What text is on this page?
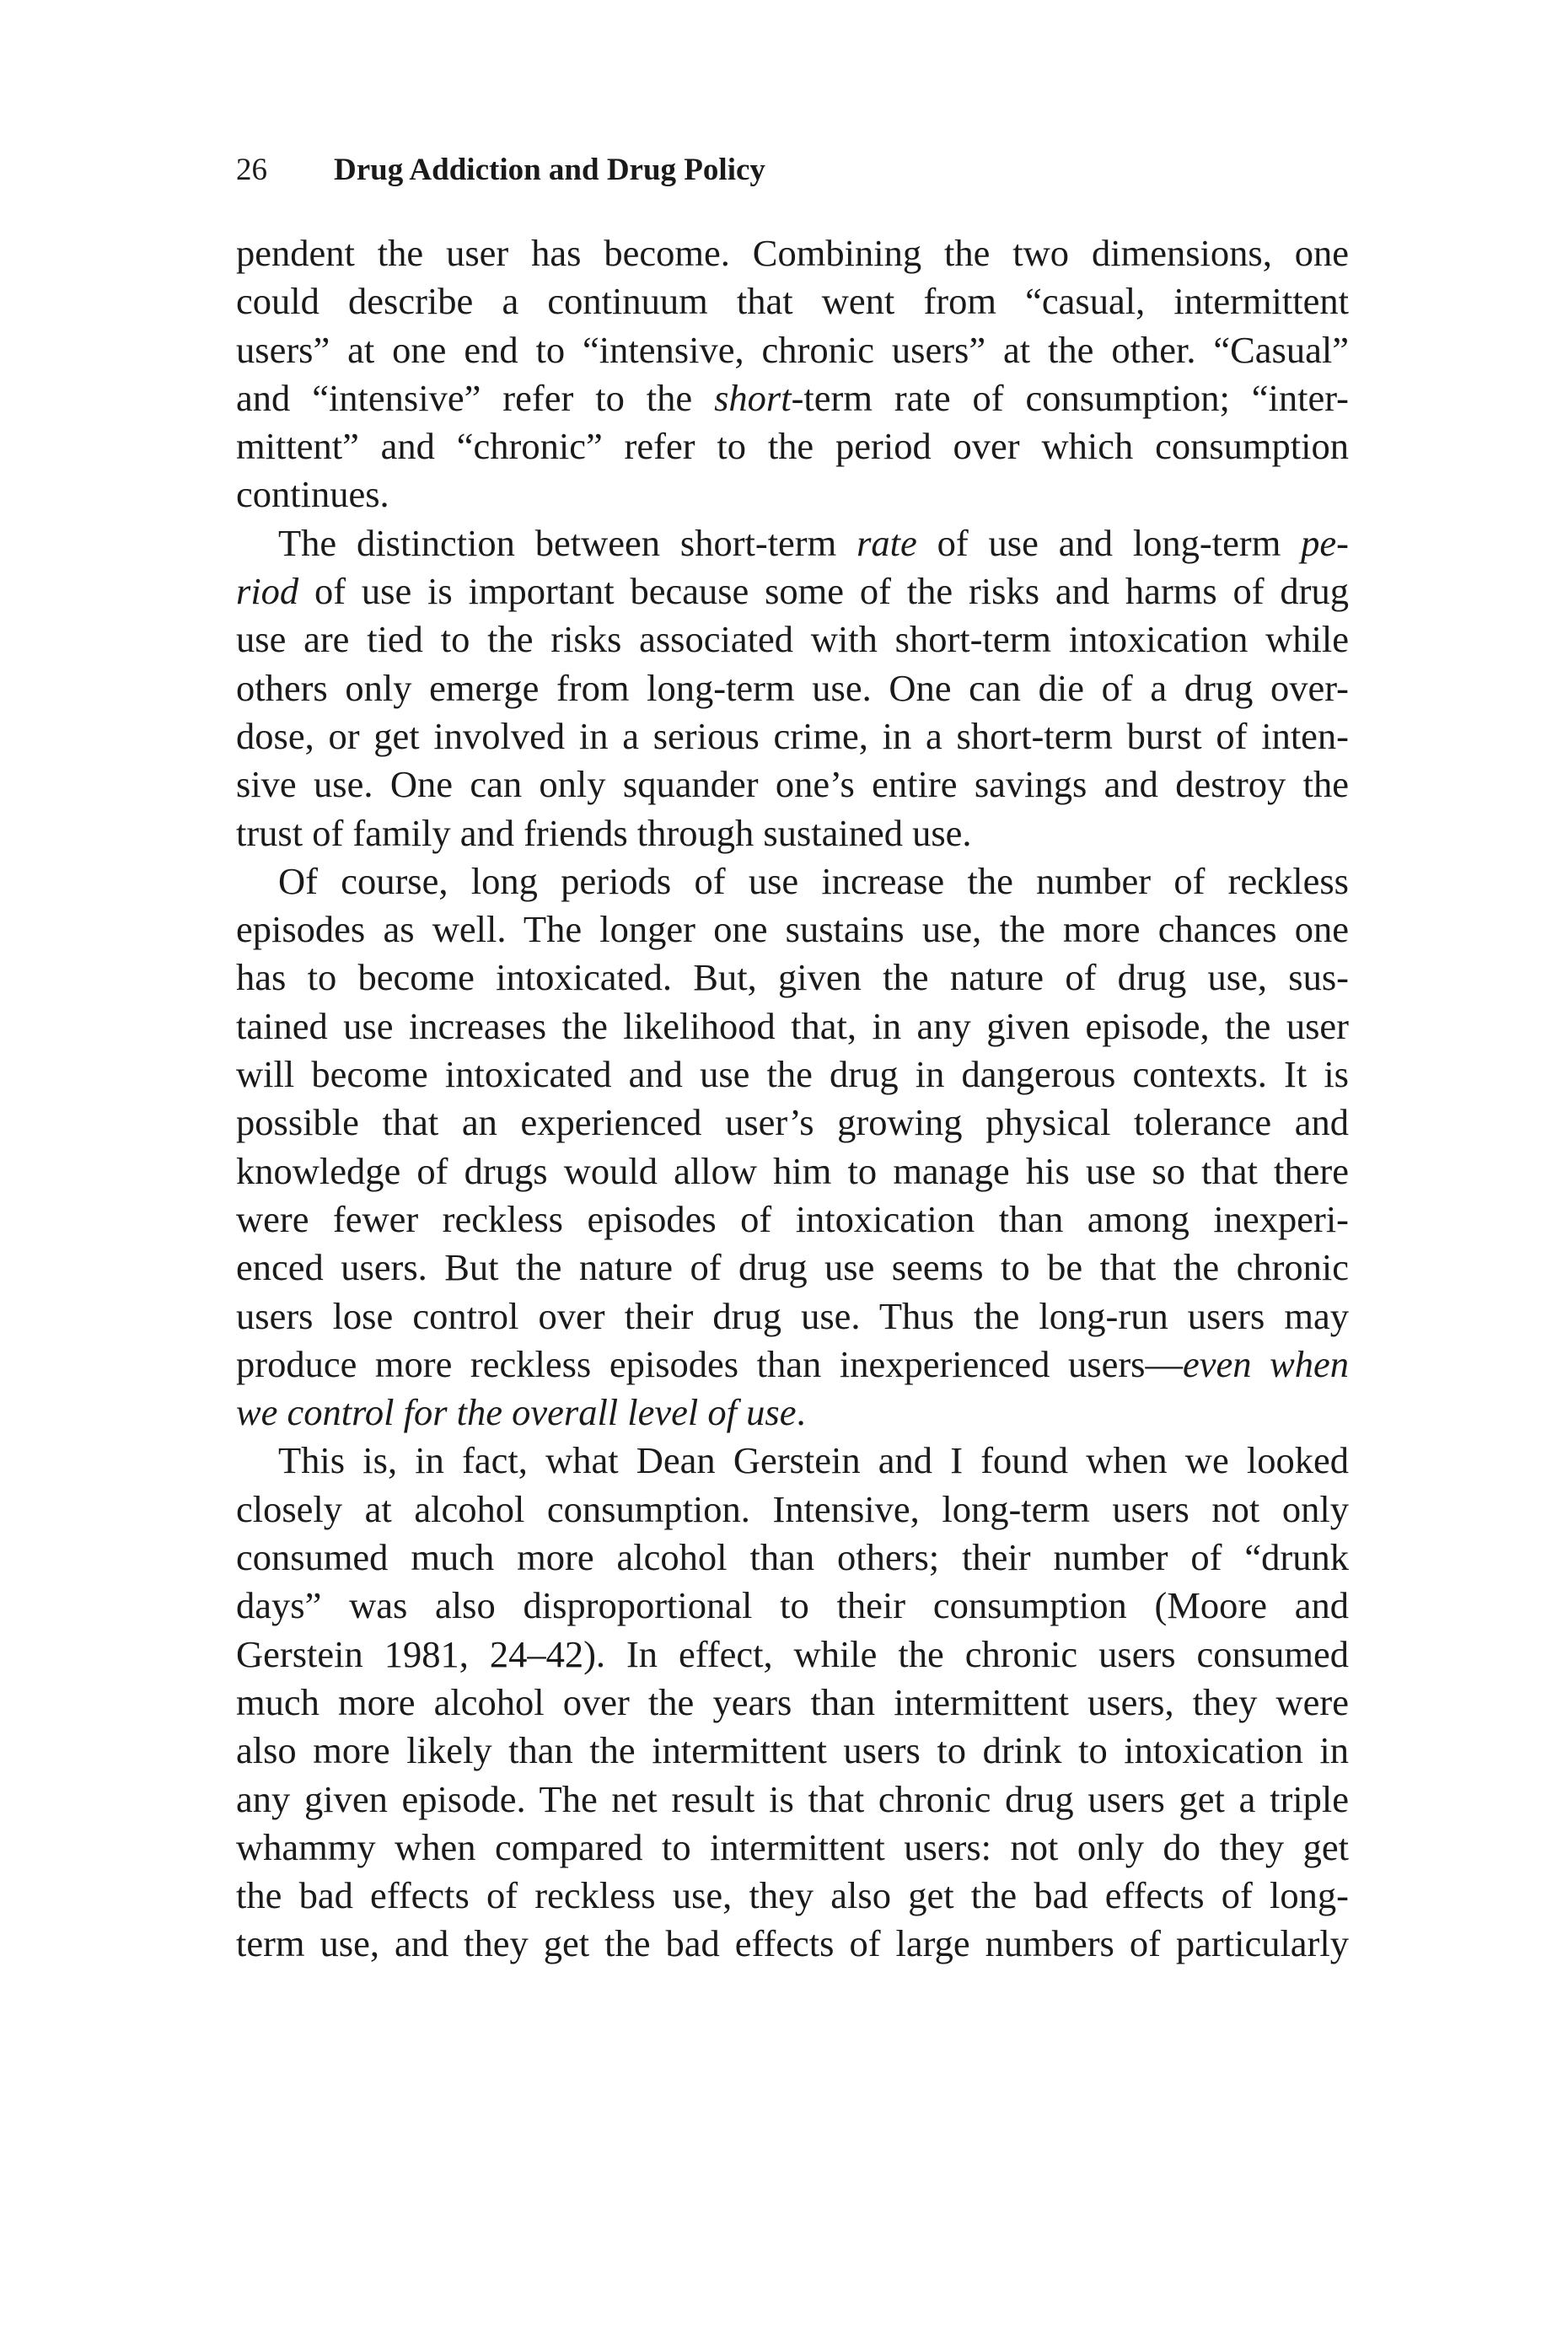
26 Drug Addiction and Drug Policy
pendent the user has become. Combining the two dimensions, one
could describe a continuum that went from “casual, intermittent
users” at one end to “intensive, chronic users” at the other. “Casual”
and “intensive” refer to the short-term rate of consumption; “inter-
mittent” and “chronic” refer to the period over which consumption
continues.
The distinction between short-term rate of use and long-term pe-
riod of use is important because some of the risks and harms of drug
use are tied to the risks associated with short-term intoxication while
others only emerge from long-term use. One can die of a drug over-
dose, or get involved in a serious crime, in a short-term burst of inten-
sive use. One can only squander one’s entire savings and destroy the
trust of family and friends through sustained use.
Of course, long periods of use increase the number of reckless
episodes as well. The longer one sustains use, the more chances one
has to become intoxicated. But, given the nature of drug use, sus-
tained use increases the likelihood that, in any given episode, the user
will become intoxicated and use the drug in dangerous contexts. It is
possible that an experienced user’s growing physical tolerance and
knowledge of drugs would allow him to manage his use so that there
were fewer reckless episodes of intoxication than among inexperi-
enced users. But the nature of drug use seems to be that the chronic
users lose control over their drug use. Thus the long-run users may
produce more reckless episodes than inexperienced users—even when
we control for the overall level of use.
This is, in fact, what Dean Gerstein and I found when we looked
closely at alcohol consumption. Intensive, long-term users not only
consumed much more alcohol than others; their number of “drunk
days” was also disproportional to their consumption (Moore and
Gerstein 1981, 24–42). In effect, while the chronic users consumed
much more alcohol over the years than intermittent users, they were
also more likely than the intermittent users to drink to intoxication in
any given episode. The net result is that chronic drug users get a triple
whammy when compared to intermittent users: not only do they get
the bad effects of reckless use, they also get the bad effects of long-
term use, and they get the bad effects of large numbers of particularly
